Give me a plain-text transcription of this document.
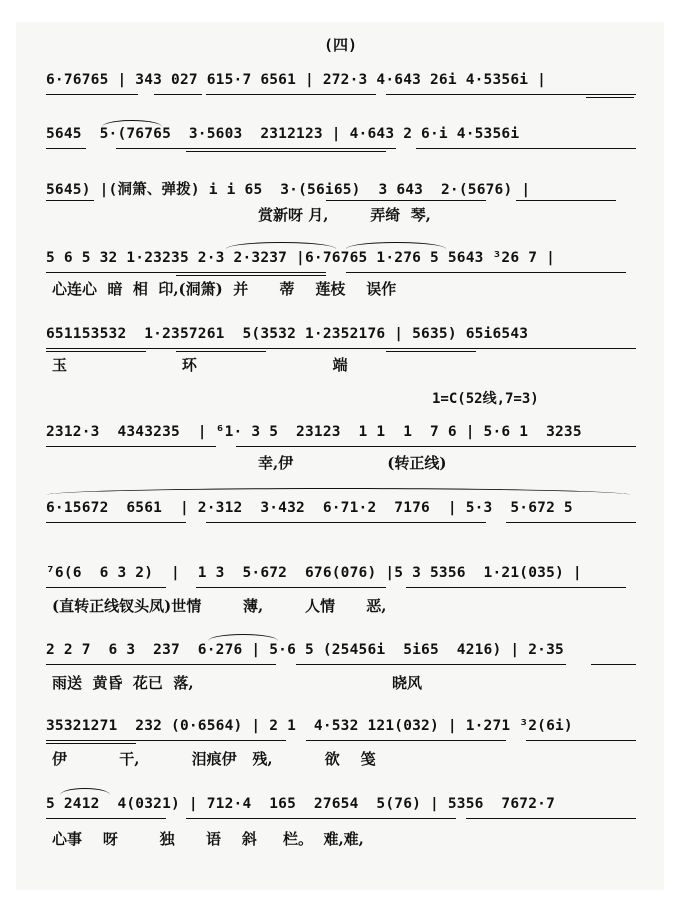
(四)
6·76765 | 343 027 615·7 6561 | 272·3 4·643 26i 4·5356i |
5645  5·(76765  3·5603  2312123 | 4·643 2 6·i 4·5356i
5645) |(洞箫、弹拨) i i 65  3·(56i65)  3 643  2·(5676) |
赏新呀 月,        弄绮  琴,
5 6 5 32 1·23235 2·3 2·3237 |6·76765 1·276 5 5643 ³26 7 |
心连心  暗  相  印,(洞箫)  并      蒂    莲枝    误作
651153532  1·2357261  5(3532 1·2352176 | 5635) 65i6543
玉                      环                          端
1=C(52线,7=3)
2312·3  4343235  | ⁶1· 3 5  23123  1 1  1  7 6 | 5·6 1  3235
幸,伊                  (转正线)
6·15672  6561  | 2·312  3·432  6·71·2  7176  | 5·3  5·672 5
⁷6(6  6 3 2)  |  1 3  5·672  676(076) |5 3 5356  1·21(035) |
(直转正线钗头凤)世情        薄,        人情      恶,
2 2 7  6 3  237  6·276 | 5·6 5 (25456i  5i65  4216) | 2·35
雨送  黄昏  花已  落,                                      晓风
35321271  232 (0·6564) | 2 1  4·532 121(032) | 1·271 ³2(6i)
伊          干,          泪痕伊   残,          欲    笺
5 2412  4(0321) | 712·4  165  27654  5(76) | 5356  7672·7
心事    呀        独      语    斜     栏。  难,难,
